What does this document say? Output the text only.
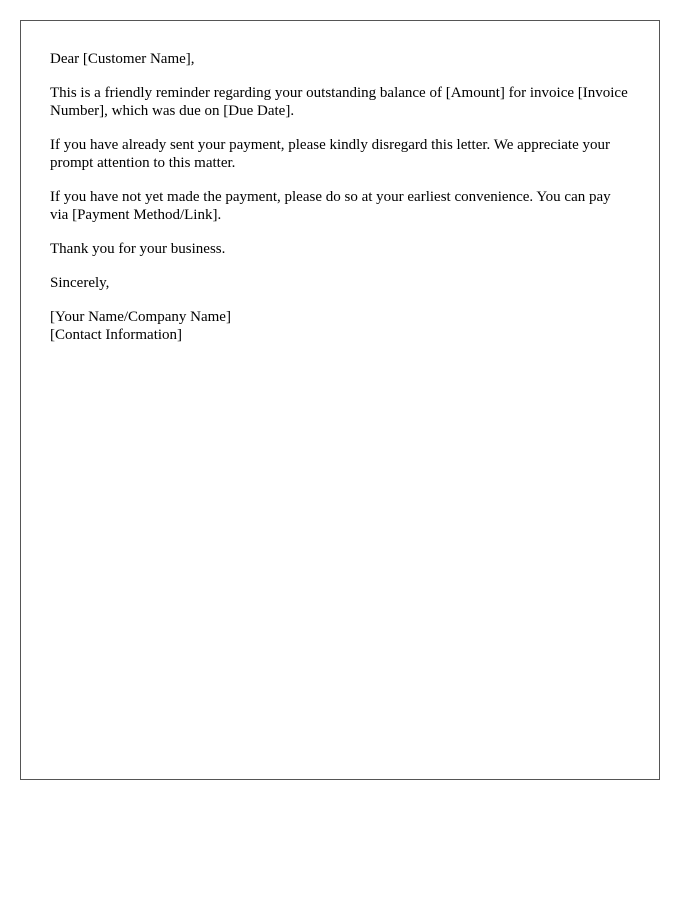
Dear [Customer Name],

This is a friendly reminder regarding your outstanding balance of [Amount] for invoice [Invoice Number], which was due on [Due Date].

If you have already sent your payment, please kindly disregard this letter. We appreciate your prompt attention to this matter.

If you have not yet made the payment, please do so at your earliest convenience. You can pay via [Payment Method/Link].

Thank you for your business.

Sincerely,

[Your Name/Company Name]
[Contact Information]
